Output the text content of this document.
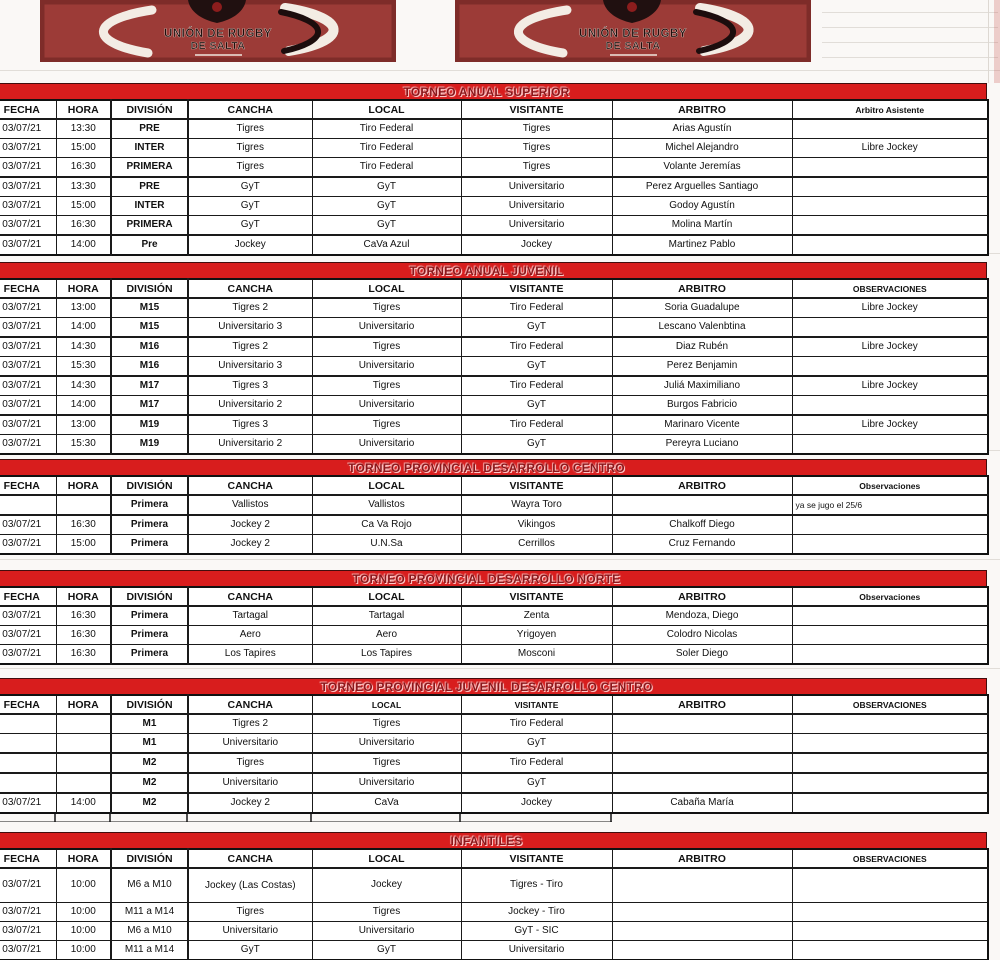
UNIÓN DE RUGBY
DE SALTA
UNIÓN DE RUGBY
DE SALTA
TORNEO ANUAL SUPERIOR
FECHA	HORA	DIVISIÓN	CANCHA	LOCAL	VISITANTE	ARBITRO	Arbitro Asistente
03/07/21	13:30	PRE	Tigres	Tiro Federal	Tigres	Arias Agustín	
03/07/21	15:00	INTER	Tigres	Tiro Federal	Tigres	Michel Alejandro	Libre Jockey
03/07/21	16:30	PRIMERA	Tigres	Tiro Federal	Tigres	Volante Jeremías	
03/07/21	13:30	PRE	GyT	GyT	Universitario	Perez Arguelles Santiago	
03/07/21	15:00	INTER	GyT	GyT	Universitario	Godoy Agustín	
03/07/21	16:30	PRIMERA	GyT	GyT	Universitario	Molina Martín	
03/07/21	14:00	Pre	Jockey	CaVa Azul	Jockey	Martinez Pablo	
TORNEO ANUAL JUVENIL
FECHA	HORA	DIVISIÓN	CANCHA	LOCAL	VISITANTE	ARBITRO	OBSERVACIONES
03/07/21	13:00	M15	Tigres 2	Tigres	Tiro Federal	Soria Guadalupe	Libre Jockey
03/07/21	14:00	M15	Universitario 3	Universitario	GyT	Lescano Valenbtina	
03/07/21	14:30	M16	Tigres 2	Tigres	Tiro Federal	Diaz Rubén	Libre Jockey
03/07/21	15:30	M16	Universitario 3	Universitario	GyT	Perez Benjamin	
03/07/21	14:30	M17	Tigres 3	Tigres	Tiro Federal	Juliá Maximiliano	Libre Jockey
03/07/21	14:00	M17	Universitario 2	Universitario	GyT	Burgos Fabricio	
03/07/21	13:00	M19	Tigres 3	Tigres	Tiro Federal	Marinaro Vicente	Libre Jockey
03/07/21	15:30	M19	Universitario 2	Universitario	GyT	Pereyra Luciano	
TORNEO PROVINCIAL DESARROLLO CENTRO
FECHA	HORA	DIVISIÓN	CANCHA	LOCAL	VISITANTE	ARBITRO	Observaciones
		Primera	Vallistos	Vallistos	Wayra Toro		ya se jugo el 25/6
03/07/21	16:30	Primera	Jockey 2	Ca Va Rojo	Vikingos	Chalkoff Diego	
03/07/21	15:00	Primera	Jockey 2	U.N.Sa	Cerrillos	Cruz Fernando	
TORNEO PROVINCIAL DESARROLLO NORTE
FECHA	HORA	DIVISIÓN	CANCHA	LOCAL	VISITANTE	ARBITRO	Observaciones
03/07/21	16:30	Primera	Tartagal	Tartagal	Zenta	Mendoza, Diego	
03/07/21	16:30	Primera	Aero	Aero	Yrigoyen	Colodro Nicolas	
03/07/21	16:30	Primera	Los Tapires	Los Tapires	Mosconi	Soler Diego	
TORNEO PROVINCIAL JUVENIL DESARROLLO CENTRO
FECHA	HORA	DIVISIÓN	CANCHA	LOCAL	VISITANTE	ARBITRO	OBSERVACIONES
		M1	Tigres 2	Tigres	Tiro Federal		
		M1	Universitario	Universitario	GyT		
		M2	Tigres	Tigres	Tiro Federal		
		M2	Universitario	Universitario	GyT		
03/07/21	14:00	M2	Jockey 2	CaVa	Jockey	Cabaña María	
INFANTILES
FECHA	HORA	DIVISIÓN	CANCHA	LOCAL	VISITANTE	ARBITRO	OBSERVACIONES
03/07/21	10:00	M6 a M10	Jockey (Las Costas)	Jockey	Tigres - Tiro		
03/07/21	10:00	M11 a M14	Tigres	Tigres	Jockey - Tiro		
03/07/21	10:00	M6 a M10	Universitario	Universitario	GyT - SIC		
03/07/21	10:00	M11 a M14	GyT	GyT	Universitario		
